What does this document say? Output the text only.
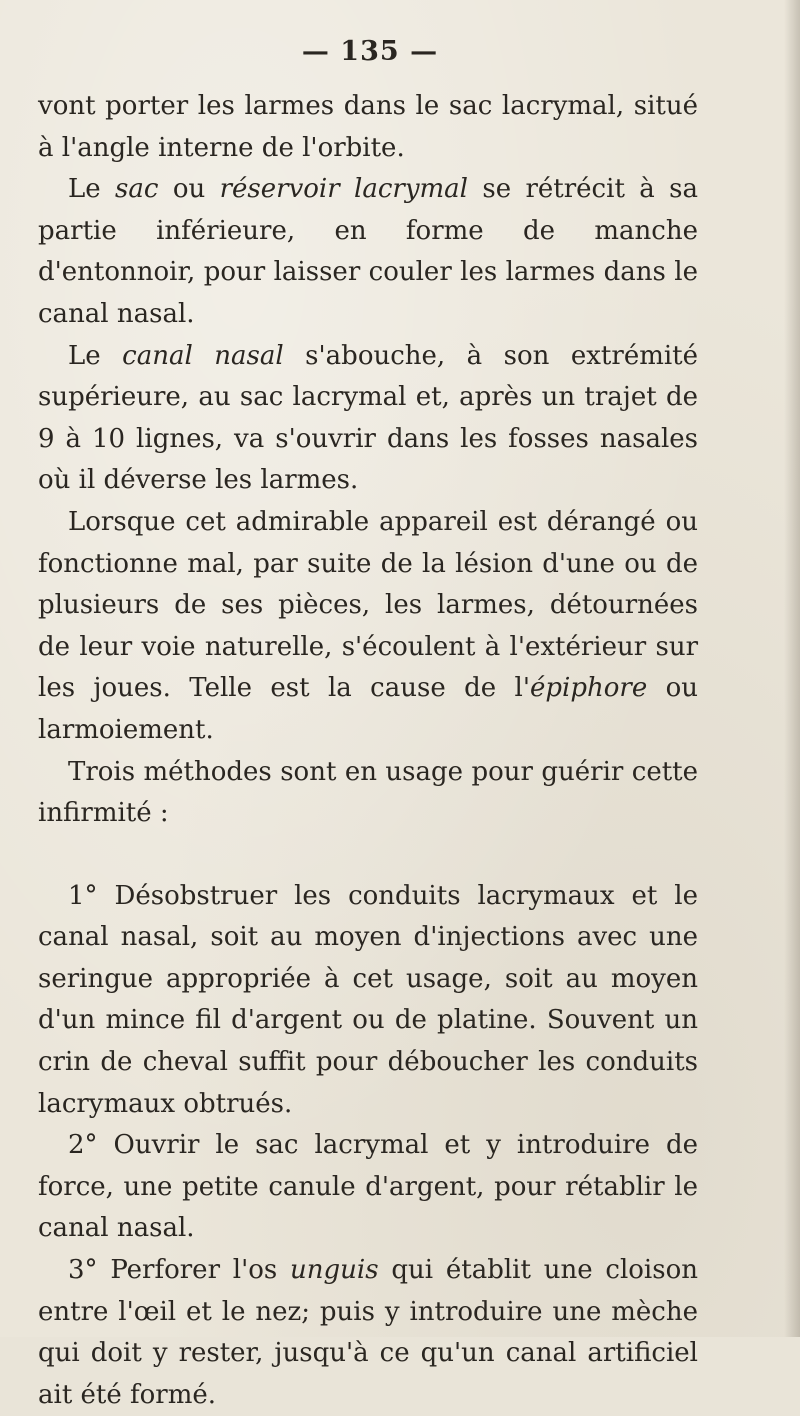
— 135 —

vont porter les larmes dans le sac lacrymal, situé à l'angle interne de l'orbite.

Le sac ou réservoir lacrymal se rétrécit à sa partie inférieure, en forme de manche d'entonnoir, pour laisser couler les larmes dans le canal nasal.

Le canal nasal s'abouche, à son extrémité supérieure, au sac lacrymal et, après un trajet de 9 à 10 lignes, va s'ouvrir dans les fosses nasales où il déverse les larmes.

Lorsque cet admirable appareil est dérangé ou fonctionne mal, par suite de la lésion d'une ou de plusieurs de ses pièces, les larmes, détournées de leur voie naturelle, s'écoulent à l'extérieur sur les joues. Telle est la cause de l'épiphore ou larmoiement.

Trois méthodes sont en usage pour guérir cette infirmité :

1° Désobstruer les conduits lacrymaux et le canal nasal, soit au moyen d'injections avec une seringue appropriée à cet usage, soit au moyen d'un mince fil d'argent ou de platine. Souvent un crin de cheval suffit pour déboucher les conduits lacrymaux obtrués.

2° Ouvrir le sac lacrymal et y introduire de force, une petite canule d'argent, pour rétablir le canal nasal.

3° Perforer l'os unguis qui établit une cloison entre l'œil et le nez; puis y introduire une mèche qui doit y rester, jusqu'à ce qu'un canal artificiel ait été formé.
